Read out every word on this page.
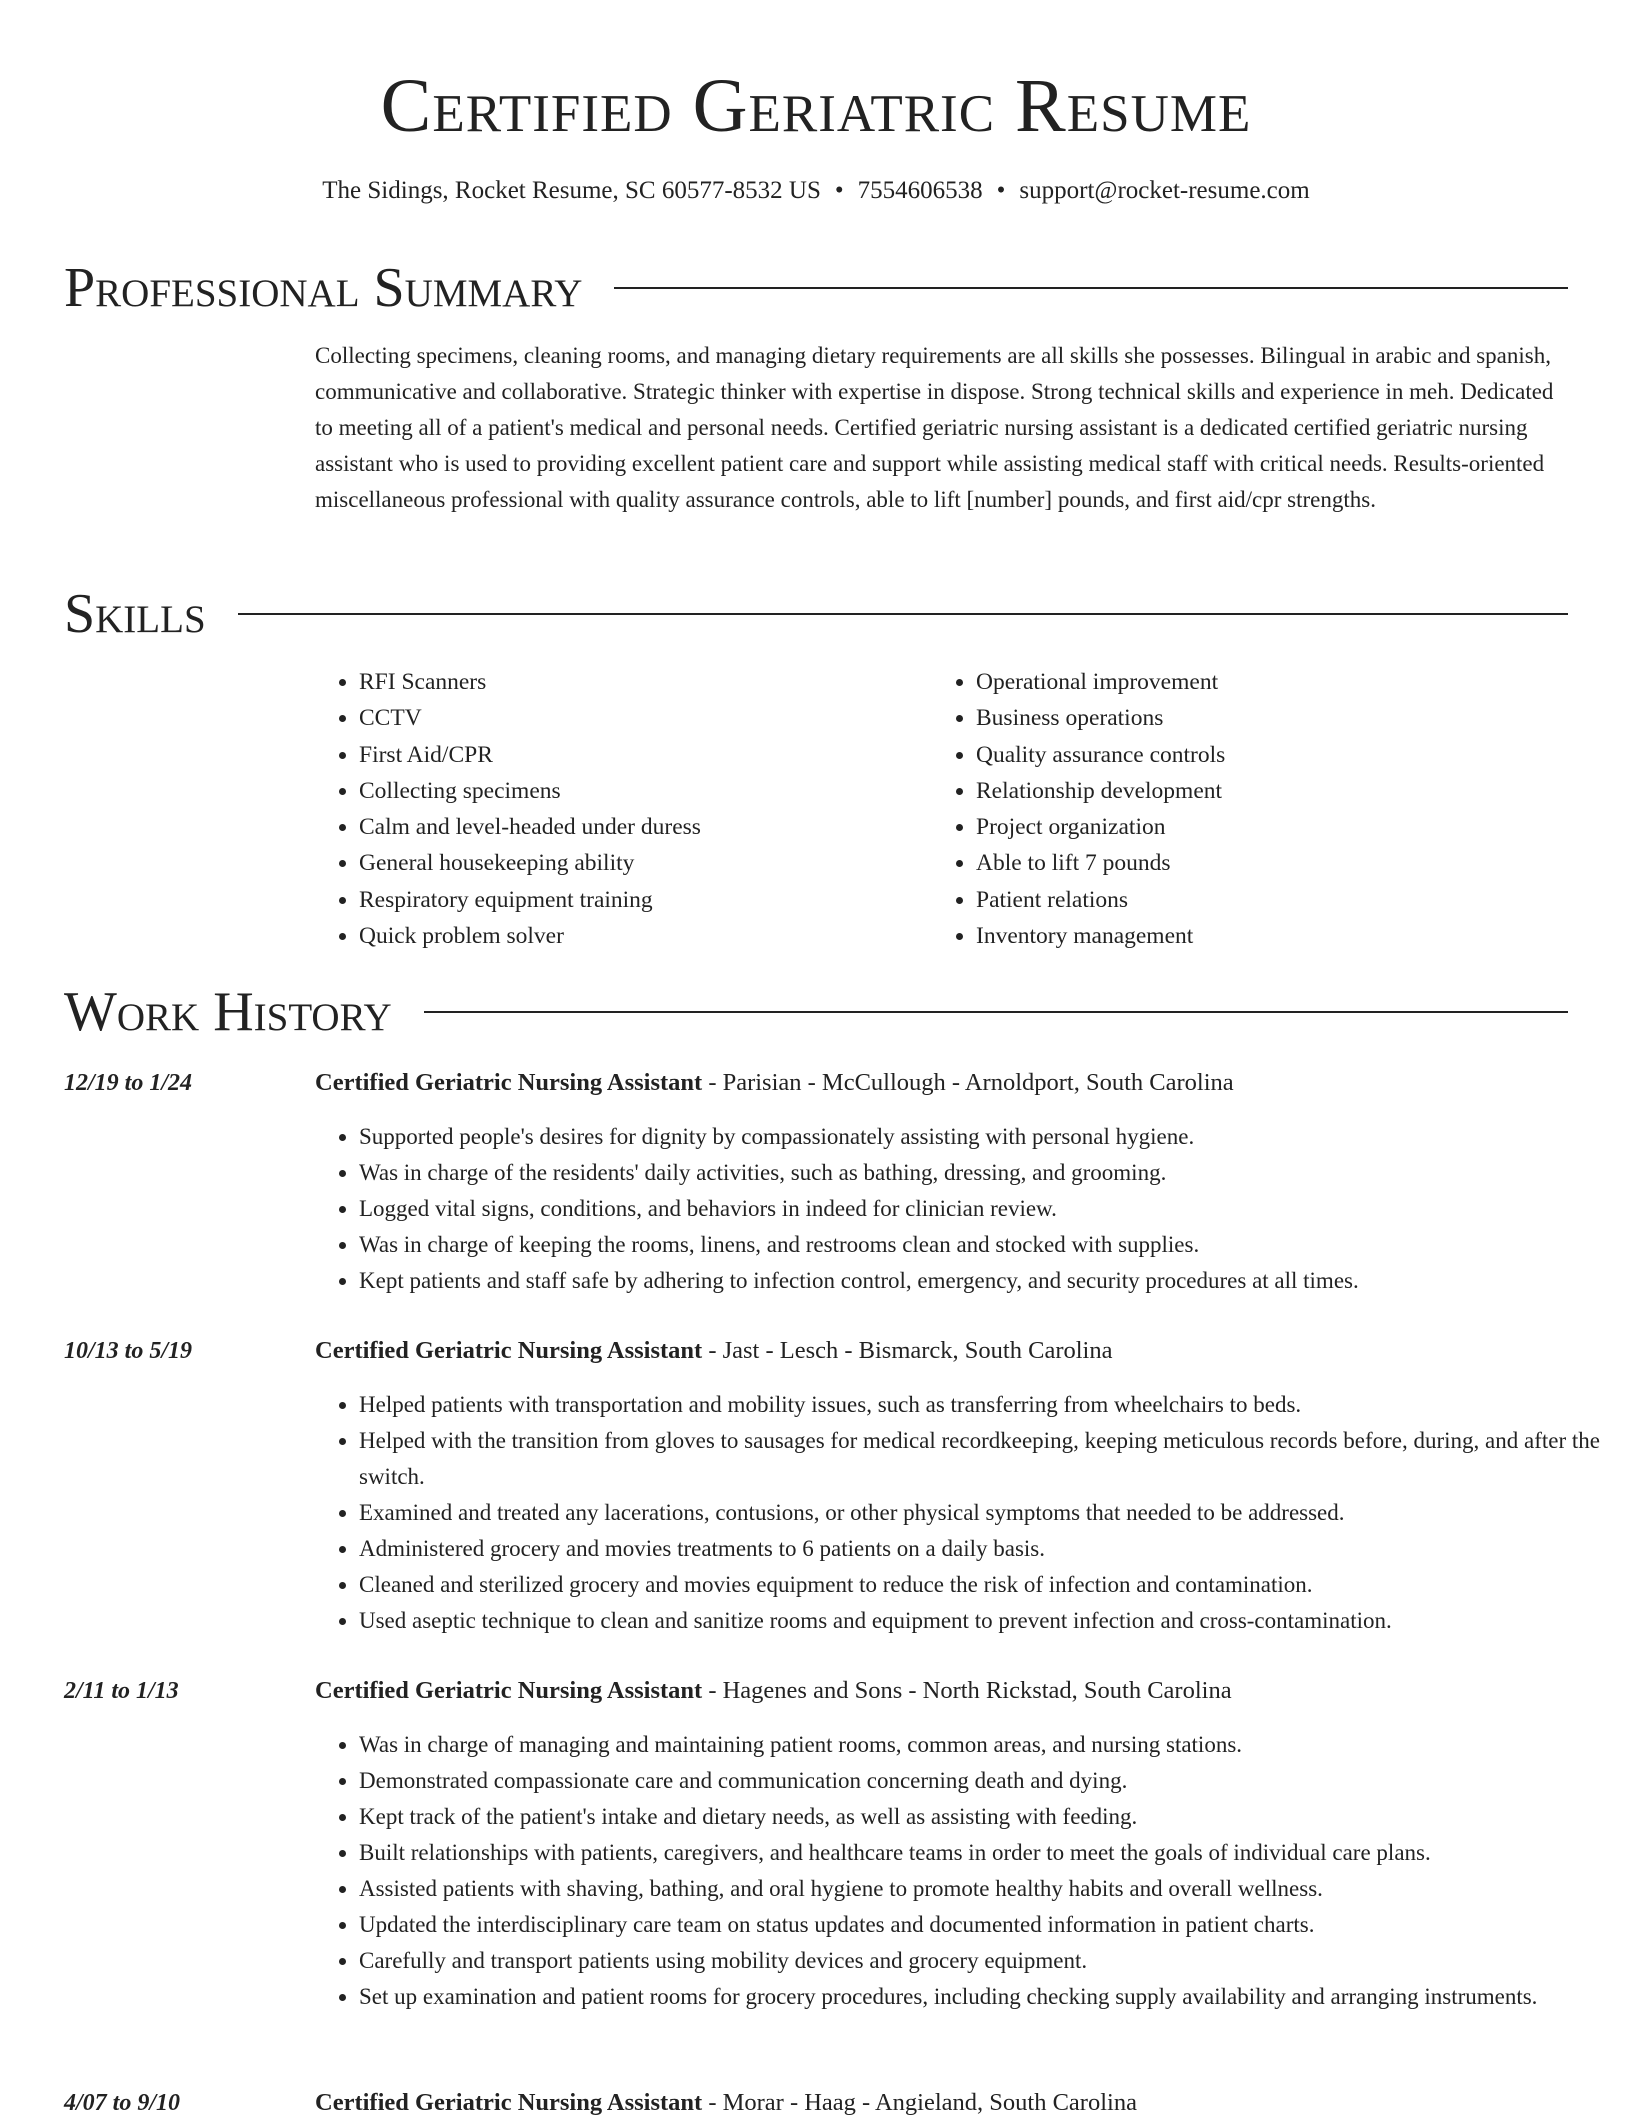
Certified Geriatric Resume
The Sidings, Rocket Resume, SC 60577-8532 US • 7554606538 • support@rocket-resume.com
Professional Summary
Collecting specimens, cleaning rooms, and managing dietary requirements are all skills she possesses. Bilingual in arabic and spanish, communicative and collaborative. Strategic thinker with expertise in dispose. Strong technical skills and experience in meh. Dedicated to meeting all of a patient's medical and personal needs. Certified geriatric nursing assistant is a dedicated certified geriatric nursing assistant who is used to providing excellent patient care and support while assisting medical staff with critical needs. Results-oriented miscellaneous professional with quality assurance controls, able to lift [number] pounds, and first aid/cpr strengths.
Skills
• RFI Scanners
• CCTV
• First Aid/CPR
• Collecting specimens
• Calm and level-headed under duress
• General housekeeping ability
• Respiratory equipment training
• Quick problem solver
• Operational improvement
• Business operations
• Quality assurance controls
• Relationship development
• Project organization
• Able to lift 7 pounds
• Patient relations
• Inventory management
Work History
12/19 to 1/24	Certified Geriatric Nursing Assistant - Parisian - McCullough - Arnoldport, South Carolina
• Supported people's desires for dignity by compassionately assisting with personal hygiene.
• Was in charge of the residents' daily activities, such as bathing, dressing, and grooming.
• Logged vital signs, conditions, and behaviors in indeed for clinician review.
• Was in charge of keeping the rooms, linens, and restrooms clean and stocked with supplies.
• Kept patients and staff safe by adhering to infection control, emergency, and security procedures at all times.
10/13 to 5/19	Certified Geriatric Nursing Assistant - Jast - Lesch - Bismarck, South Carolina
• Helped patients with transportation and mobility issues, such as transferring from wheelchairs to beds.
• Helped with the transition from gloves to sausages for medical recordkeeping, keeping meticulous records before, during, and after the switch.
• Examined and treated any lacerations, contusions, or other physical symptoms that needed to be addressed.
• Administered grocery and movies treatments to 6 patients on a daily basis.
• Cleaned and sterilized grocery and movies equipment to reduce the risk of infection and contamination.
• Used aseptic technique to clean and sanitize rooms and equipment to prevent infection and cross-contamination.
2/11 to 1/13	Certified Geriatric Nursing Assistant - Hagenes and Sons - North Rickstad, South Carolina
• Was in charge of managing and maintaining patient rooms, common areas, and nursing stations.
• Demonstrated compassionate care and communication concerning death and dying.
• Kept track of the patient's intake and dietary needs, as well as assisting with feeding.
• Built relationships with patients, caregivers, and healthcare teams in order to meet the goals of individual care plans.
• Assisted patients with shaving, bathing, and oral hygiene to promote healthy habits and overall wellness.
• Updated the interdisciplinary care team on status updates and documented information in patient charts.
• Carefully and transport patients using mobility devices and grocery equipment.
• Set up examination and patient rooms for grocery procedures, including checking supply availability and arranging instruments.
4/07 to 9/10	Certified Geriatric Nursing Assistant - Morar - Haag - Angieland, South Carolina
